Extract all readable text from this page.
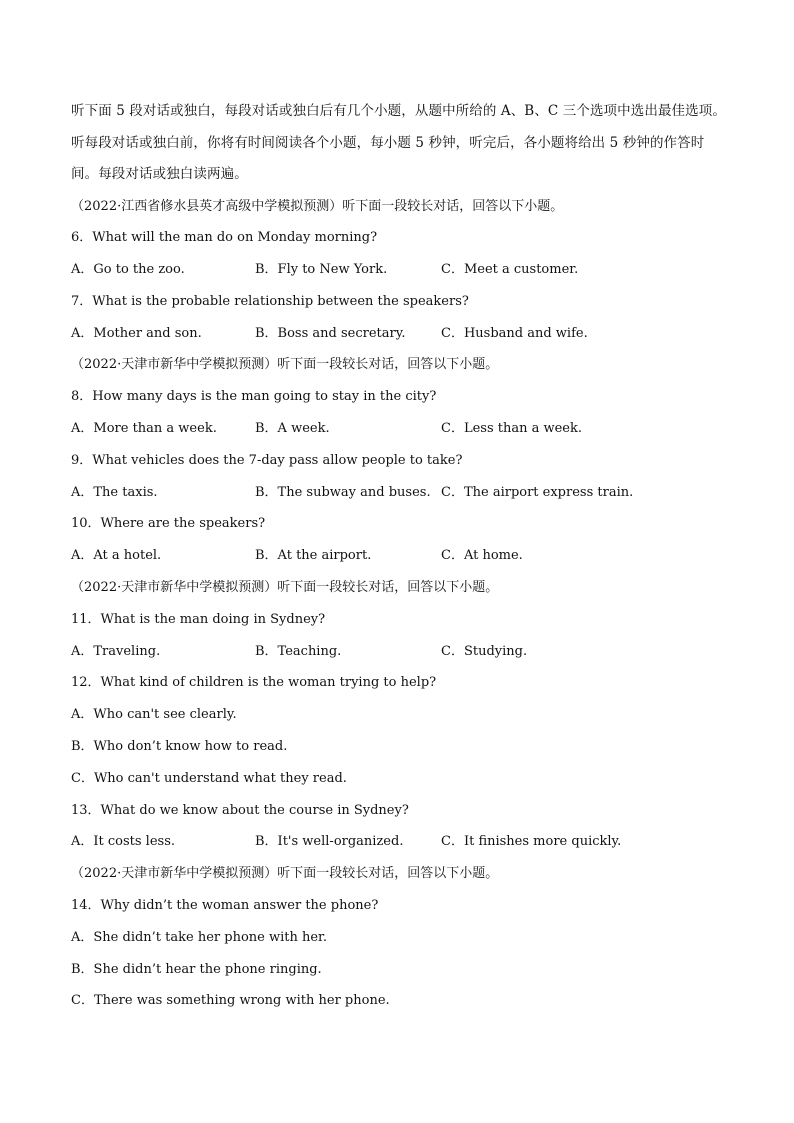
听下面 5 段对话或独白，每段对话或独白后有几个小题，从题中所给的 A、B、C 三个选项中选出最佳选项。
听每段对话或独白前，你将有时间阅读各个小题，每小题 5 秒钟，听完后，各小题将给出 5 秒钟的作答时
间。每段对话或独白读两遍。
（2022·江西省修水县英才高级中学模拟预测）听下面一段较长对话，回答以下小题。
6．What will the man do on Monday morning?
A．Go to the zoo.	B．Fly to New York.	C．Meet a customer.
7．What is the probable relationship between the speakers?
A．Mother and son.	B．Boss and secretary.	C．Husband and wife.
（2022·天津市新华中学模拟预测）听下面一段较长对话，回答以下小题。
8．How many days is the man going to stay in the city?
A．More than a week.	B．A week.	C．Less than a week.
9．What vehicles does the 7-day pass allow people to take?
A．The taxis.	B．The subway and buses. C．The airport express train.
10．Where are the speakers?
A．At a hotel.	B．At the airport.	C．At home.
（2022·天津市新华中学模拟预测）听下面一段较长对话，回答以下小题。
11．What is the man doing in Sydney?
A．Traveling.	B．Teaching.	C．Studying.
12．What kind of children is the woman trying to help?
A．Who can't see clearly.
B．Who don’t know how to read.
C．Who can't understand what they read.
13．What do we know about the course in Sydney?
A．It costs less.	B．It's well-organized.	C．It finishes more quickly.
（2022·天津市新华中学模拟预测）听下面一段较长对话，回答以下小题。
14．Why didn’t the woman answer the phone?
A．She didn’t take her phone with her.
B．She didn’t hear the phone ringing.
C．There was something wrong with her phone.
